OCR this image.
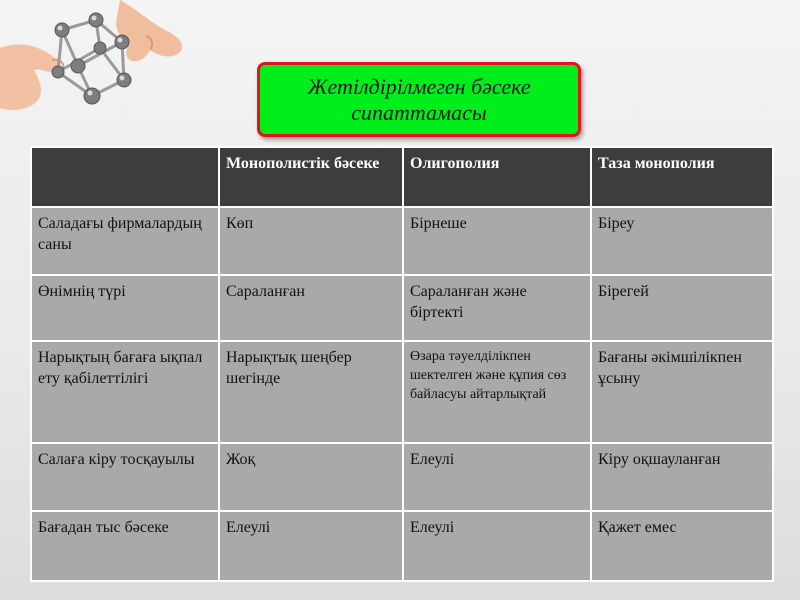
Жетілдірілмеген бәсеке
сипаттамасы
	Монополистік бәсеке	Олигополия	Таза монополия
Саладағы фирмалардың саны	Көп	Бірнеше	Біреу
Өнімнің түрі	Сараланған	Сараланған және біртекті	Бірегей
Нарықтың бағаға ықпал ету қабілеттілігі	Нарықтық шеңбер шегінде	Өзара тәуелділікпен шектелген және құпия сөз байласуы айтарлықтай	Бағаны әкімшілікпен ұсыну
Салаға кіру тосқауылы	Жоқ	Елеулі	Кіру оқшауланған
Бағадан тыс бәсеке	Елеулі	Елеулі	Қажет емес
